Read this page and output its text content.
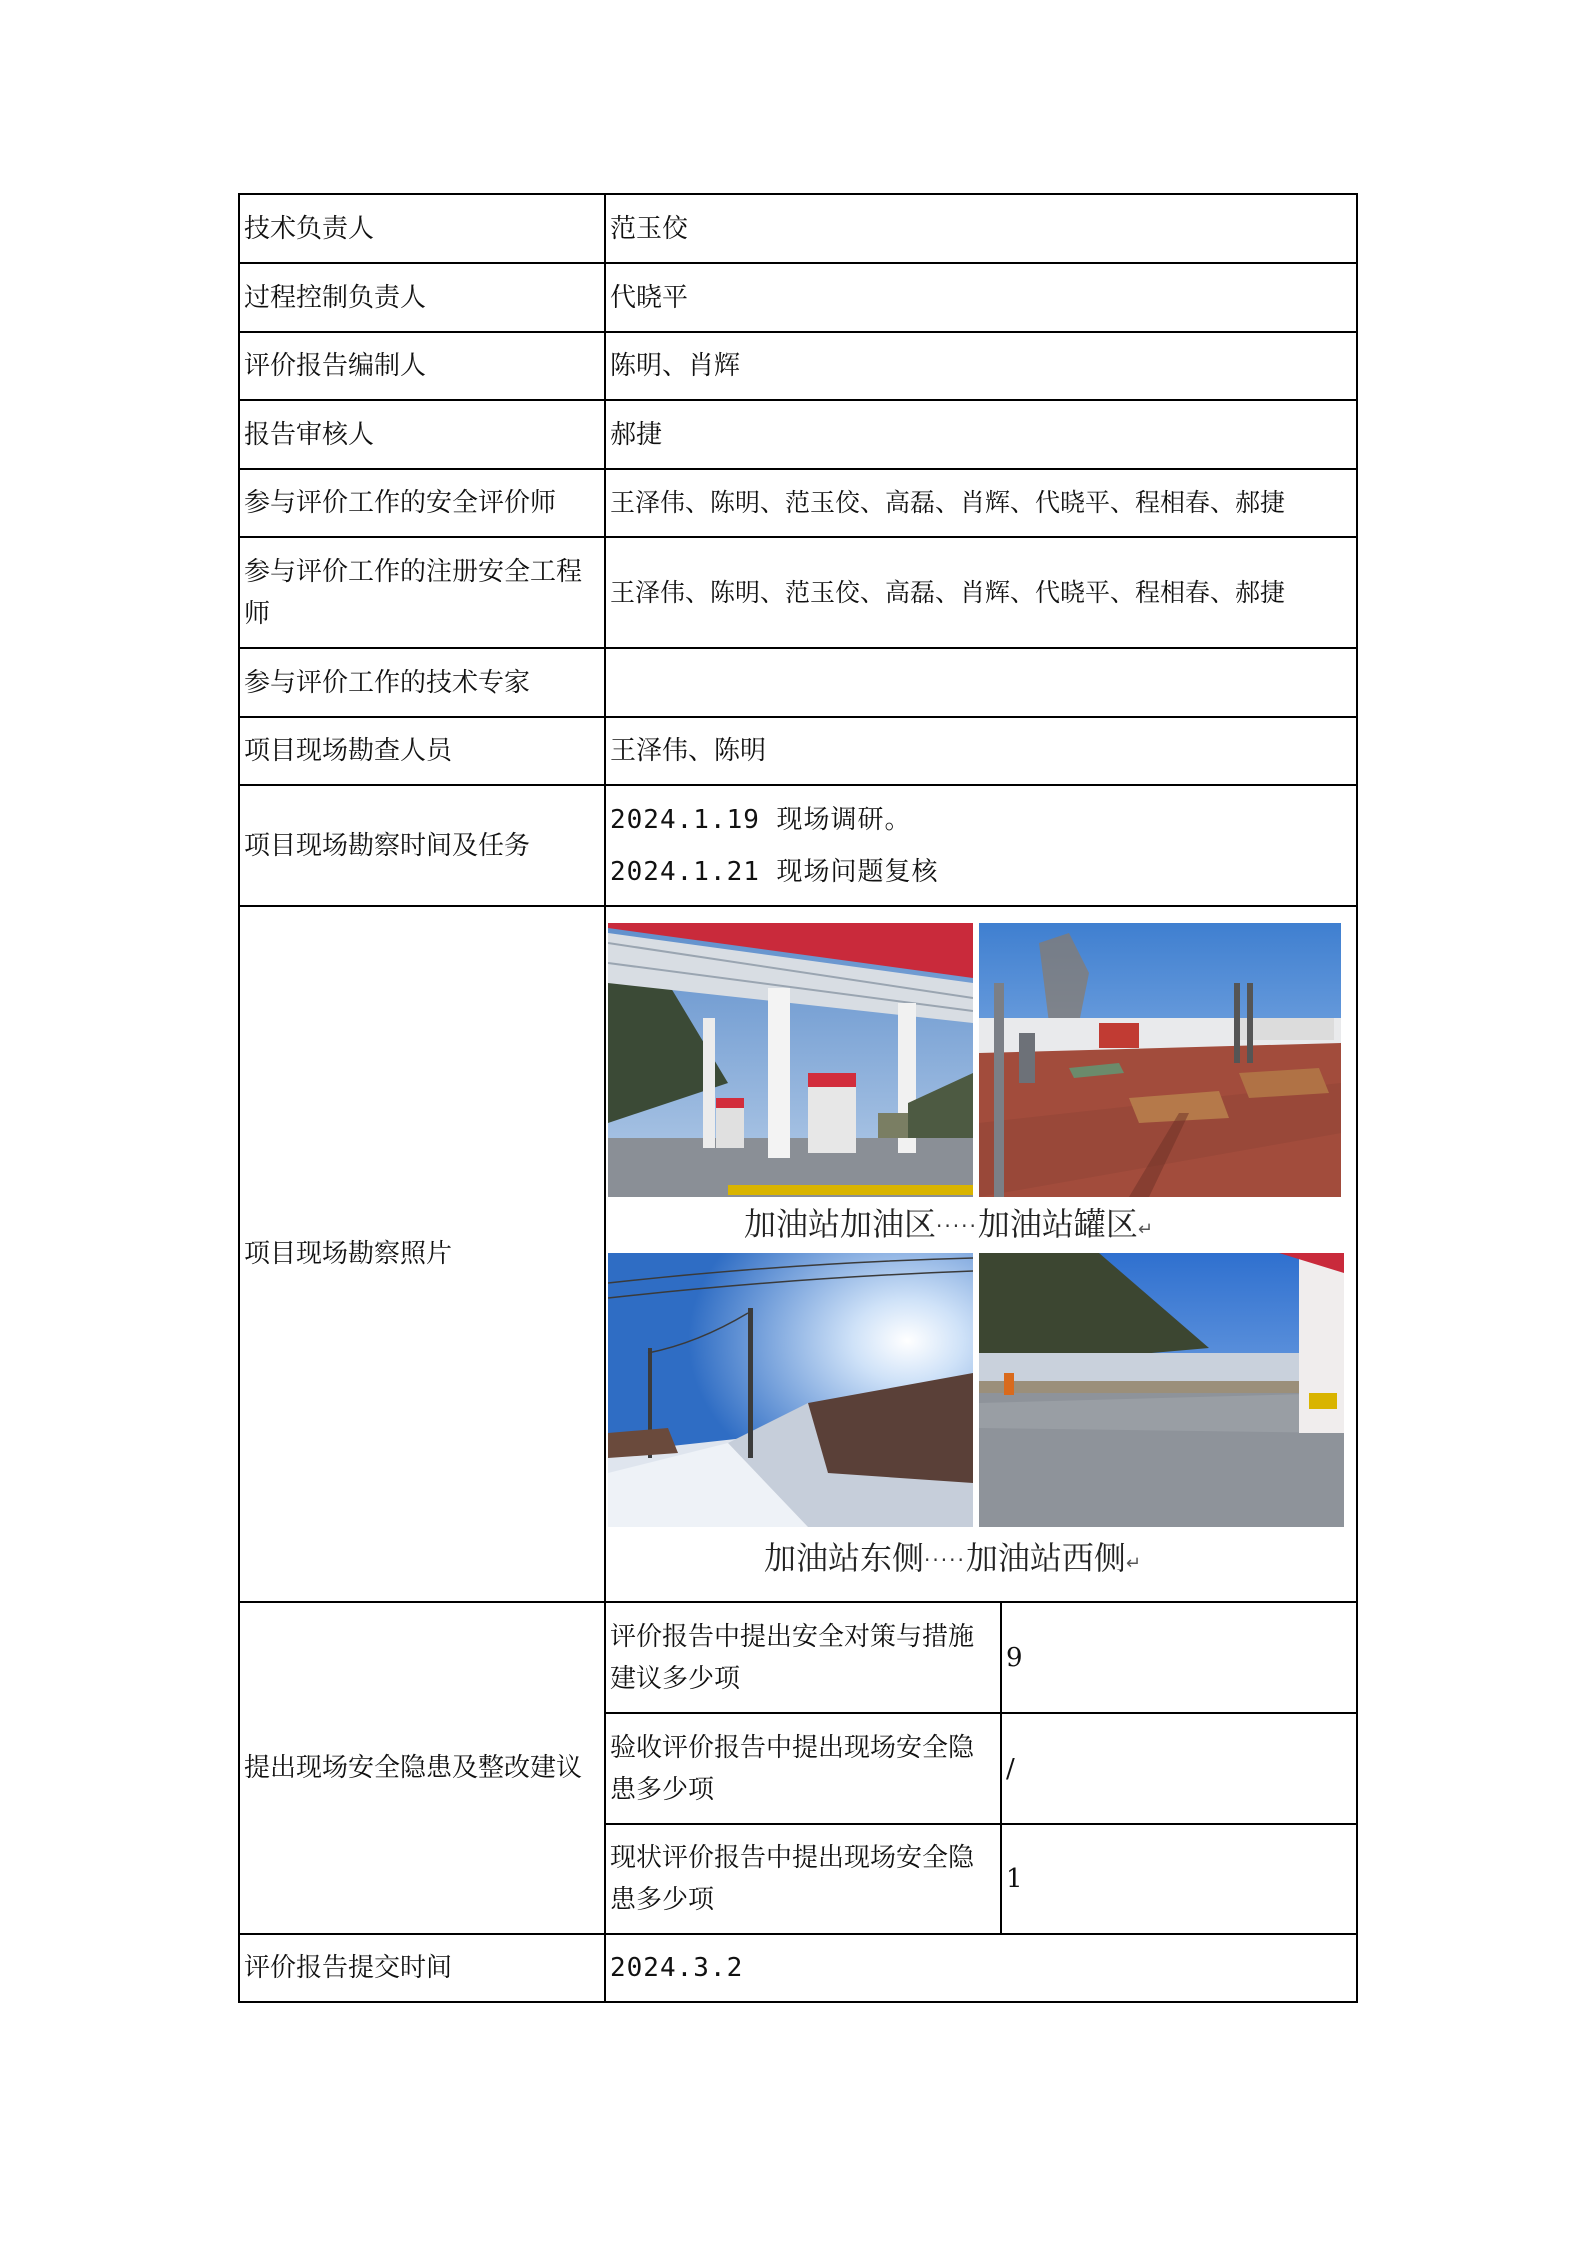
技术负责人	范玉佼	
过程控制负责人	代晓平	
评价报告编制人	陈明、肖辉	
报告审核人	郝捷	
参与评价工作的安全评价师	王泽伟、陈明、范玉佼、高磊、肖辉、代晓平、程相春、郝捷	
参与评价工作的注册安全工程师	王泽伟、陈明、范玉佼、高磊、肖辉、代晓平、程相春、郝捷	
参与评价工作的技术专家		
项目现场勘查人员	王泽伟、陈明	
项目现场勘察时间及任务	2024.1.19 现场调研。
2024.1.21 现场问题复核	

项目现场勘察照片	加油站加油区·····加油站罐区↵
加油站东侧·····加油站西侧↵	

提出现场安全隐患及整改建议	评价报告中提出安全对策与措施建议多少项	9
	验收评价报告中提出现场安全隐患多少项	/
	现状评价报告中提出现场安全隐患多少项	1
评价报告提交时间	2024.3.2	
